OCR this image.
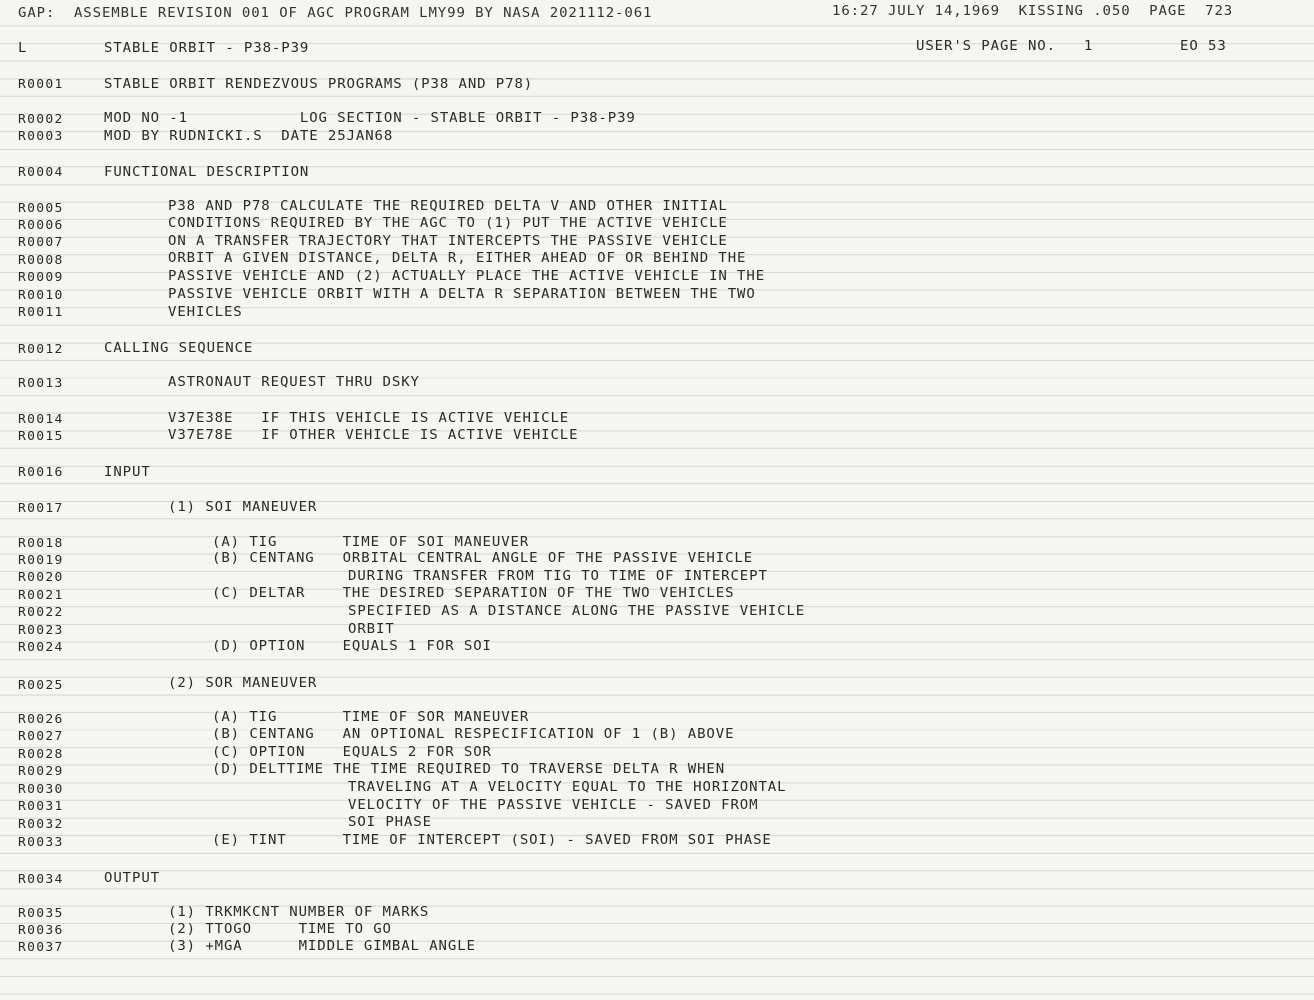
GAP:  ASSEMBLE REVISION 001 OF AGC PROGRAM LMY99 BY NASA 2021112-061	16:27 JULY 14,1969  KISSING .050  PAGE  723
L	STABLE ORBIT - P38-P39	USER'S PAGE NO.   1	EO 53
R0001	STABLE ORBIT RENDEZVOUS PROGRAMS (P38 AND P78)
R0002	MOD NO -1            LOG SECTION - STABLE ORBIT - P38-P39
R0003	MOD BY RUDNICKI.S  DATE 25JAN68
R0004	FUNCTIONAL DESCRIPTION
R0005	P38 AND P78 CALCULATE THE REQUIRED DELTA V AND OTHER INITIAL
R0006	CONDITIONS REQUIRED BY THE AGC TO (1) PUT THE ACTIVE VEHICLE
R0007	ON A TRANSFER TRAJECTORY THAT INTERCEPTS THE PASSIVE VEHICLE
R0008	ORBIT A GIVEN DISTANCE, DELTA R, EITHER AHEAD OF OR BEHIND THE
R0009	PASSIVE VEHICLE AND (2) ACTUALLY PLACE THE ACTIVE VEHICLE IN THE
R0010	PASSIVE VEHICLE ORBIT WITH A DELTA R SEPARATION BETWEEN THE TWO
R0011	VEHICLES
R0012	CALLING SEQUENCE
R0013	ASTRONAUT REQUEST THRU DSKY
R0014	V37E38E   IF THIS VEHICLE IS ACTIVE VEHICLE
R0015	V37E78E   IF OTHER VEHICLE IS ACTIVE VEHICLE
R0016	INPUT
R0017	(1) SOI MANEUVER
R0018	(A) TIG       TIME OF SOI MANEUVER
R0019	(B) CENTANG   ORBITAL CENTRAL ANGLE OF THE PASSIVE VEHICLE
R0020	DURING TRANSFER FROM TIG TO TIME OF INTERCEPT
R0021	(C) DELTAR    THE DESIRED SEPARATION OF THE TWO VEHICLES
R0022	SPECIFIED AS A DISTANCE ALONG THE PASSIVE VEHICLE
R0023	ORBIT
R0024	(D) OPTION    EQUALS 1 FOR SOI
R0025	(2) SOR MANEUVER
R0026	(A) TIG       TIME OF SOR MANEUVER
R0027	(B) CENTANG   AN OPTIONAL RESPECIFICATION OF 1 (B) ABOVE
R0028	(C) OPTION    EQUALS 2 FOR SOR
R0029	(D) DELTTIME THE TIME REQUIRED TO TRAVERSE DELTA R WHEN
R0030	TRAVELING AT A VELOCITY EQUAL TO THE HORIZONTAL
R0031	VELOCITY OF THE PASSIVE VEHICLE - SAVED FROM
R0032	SOI PHASE
R0033	(E) TINT      TIME OF INTERCEPT (SOI) - SAVED FROM SOI PHASE
R0034	OUTPUT
R0035	(1) TRKMKCNT NUMBER OF MARKS
R0036	(2) TTOGO     TIME TO GO
R0037	(3) +MGA      MIDDLE GIMBAL ANGLE
